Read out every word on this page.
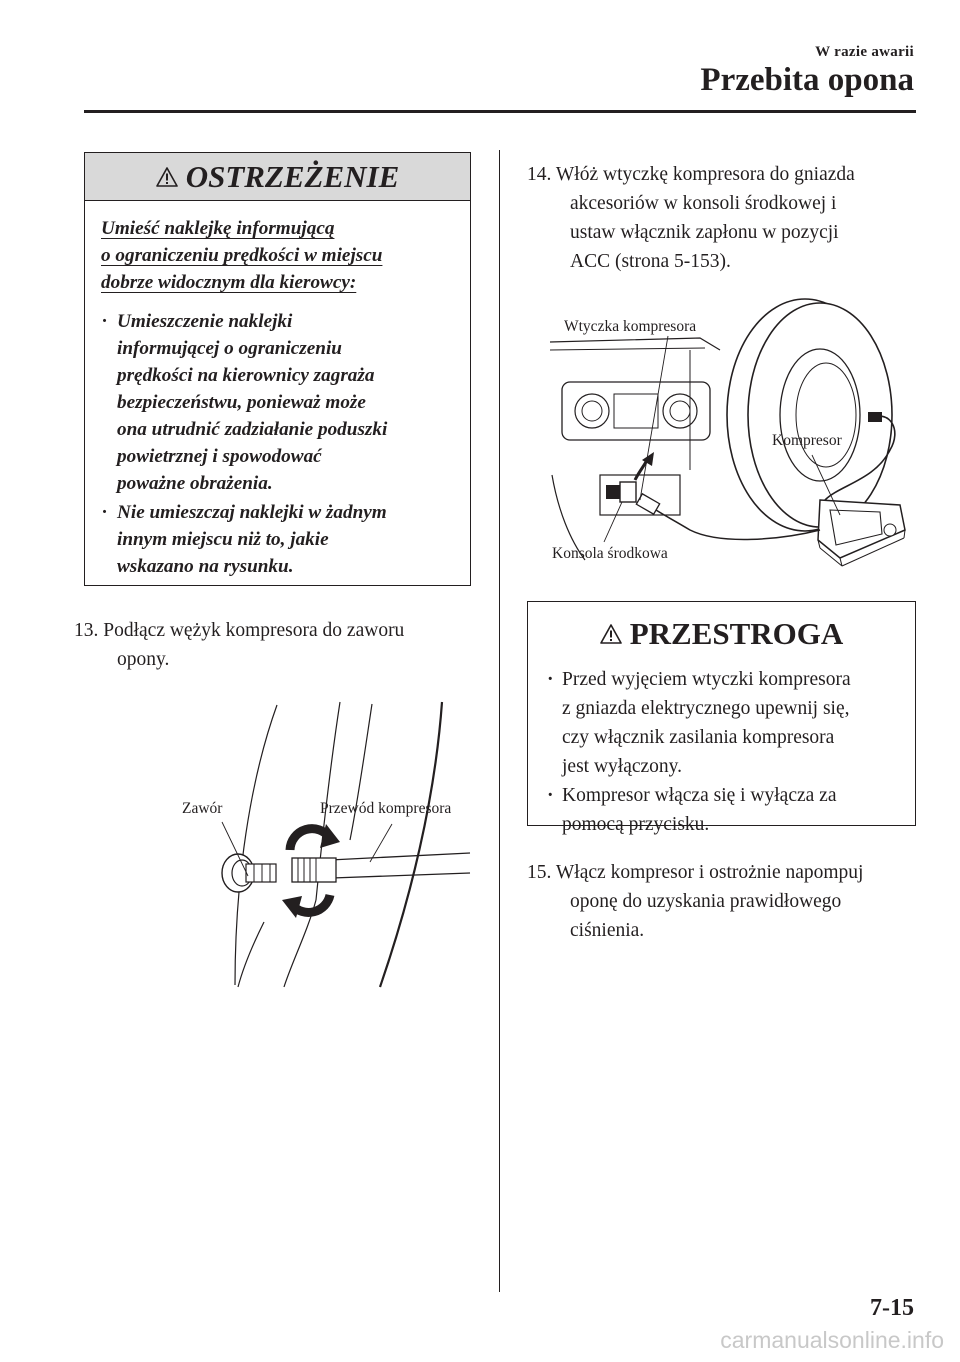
W razie awarii
Przebita opona
OSTRZEŻENIE
Umieść naklejkę informującą
o ograniczeniu prędkości w miejscu
dobrze widocznym dla kierowcy:
· Umieszczenie naklejki
informującej o ograniczeniu
prędkości na kierownicy zagraża
bezpieczeństwu, ponieważ może
ona utrudnić zadziałanie poduszki
powietrznej i spowodować
poważne obrażenia.
· Nie umieszczaj naklejki w żadnym
innym miejscu niż to, jakie
wskazano na rysunku.
13. Podłącz wężyk kompresora do zaworu
opony.
Zawór	Przewód kompresora
14. Włóż wtyczkę kompresora do gniazda
akcesoriów w konsoli środkowej i
ustaw włącznik zapłonu w pozycji
ACC (strona 5-153).
Wtyczka kompresora
Kompresor
Konsola środkowa
PRZESTROGA
· Przed wyjęciem wtyczki kompresora
z gniazda elektrycznego upewnij się,
czy włącznik zasilania kompresora
jest wyłączony.
· Kompresor włącza się i wyłącza za
pomocą przycisku.
15. Włącz kompresor i ostrożnie napompuj
oponę do uzyskania prawidłowego
ciśnienia.
7-15
carmanualsonline.info
